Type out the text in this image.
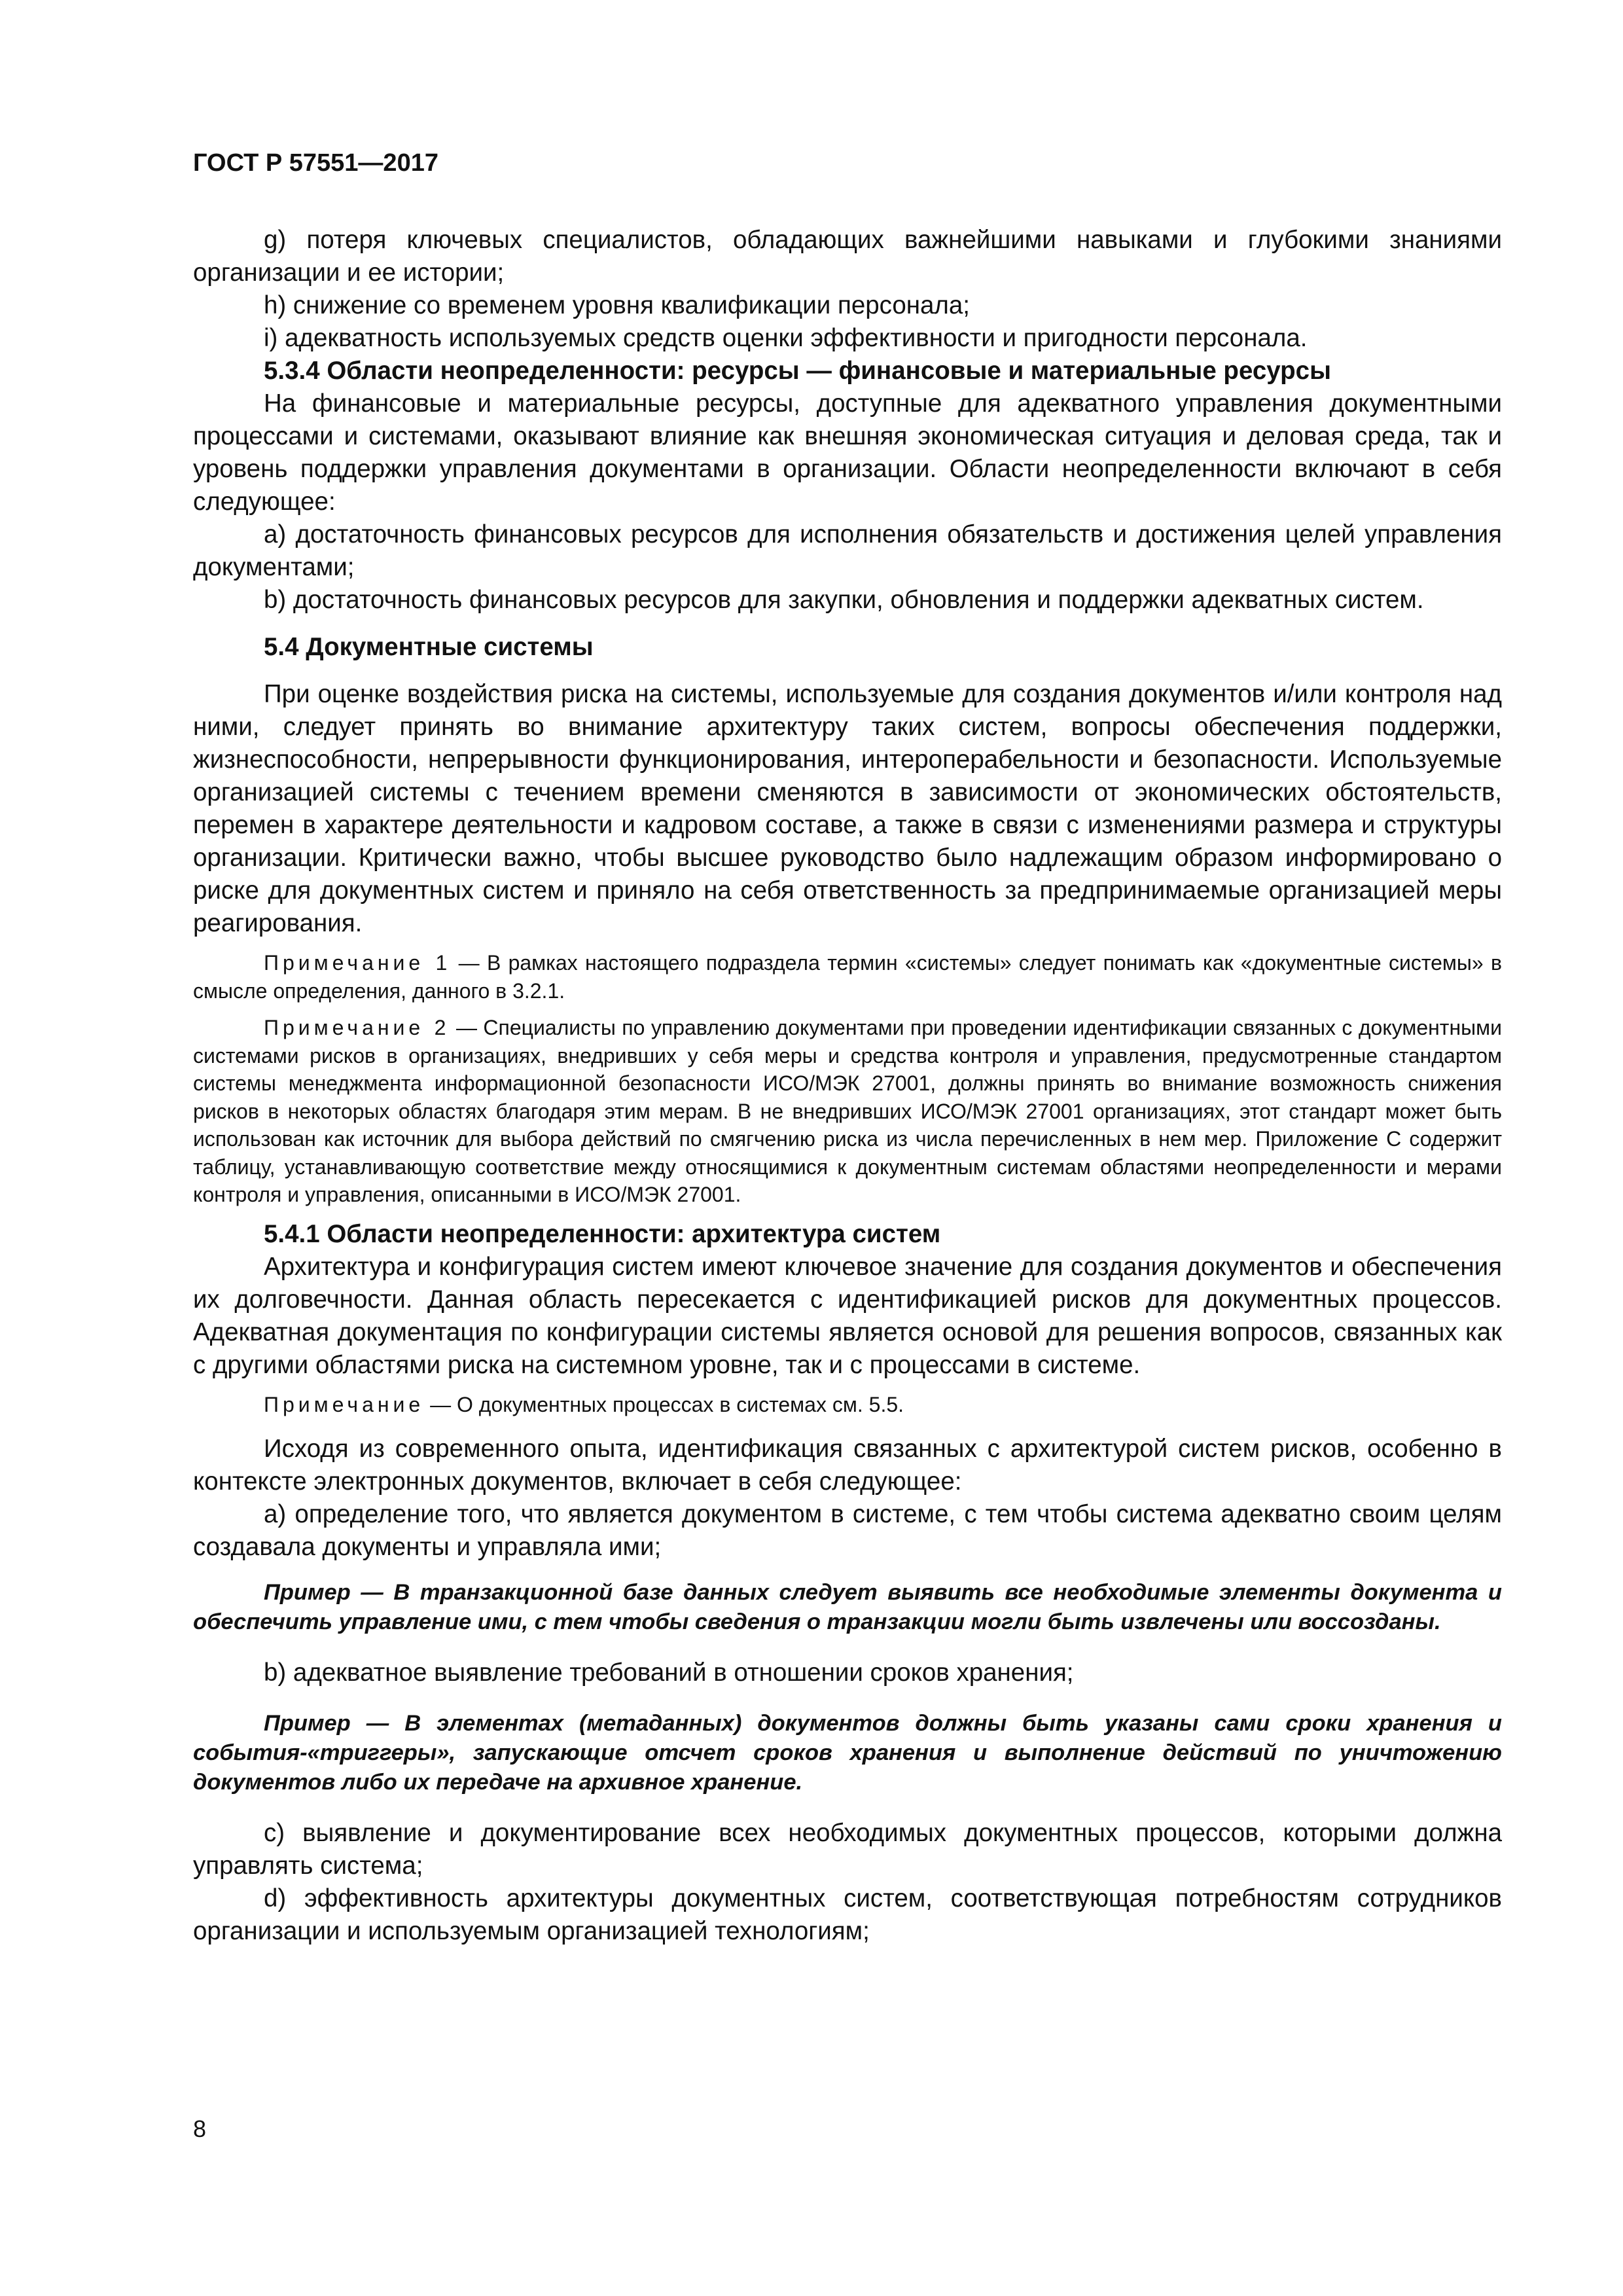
ГОСТ Р 57551—2017

g) потеря ключевых специалистов, обладающих важнейшими навыками и глубокими знаниями организации и ее истории;

h) снижение со временем уровня квалификации персонала;

i) адекватность используемых средств оценки эффективности и пригодности персонала.

5.3.4 Области неопределенности: ресурсы — финансовые и материальные ресурсы

На финансовые и материальные ресурсы, доступные для адекватного управления документными процессами и системами, оказывают влияние как внешняя экономическая ситуация и деловая среда, так и уровень поддержки управления документами в организации. Области неопределенности включают в себя следующее:

a) достаточность финансовых ресурсов для исполнения обязательств и достижения целей управления документами;

b) достаточность финансовых ресурсов для закупки, обновления и поддержки адекватных систем.

5.4 Документные системы

При оценке воздействия риска на системы, используемые для создания документов и/или контроля над ними, следует принять во внимание архитектуру таких систем, вопросы обеспечения поддержки, жизнеспособности, непрерывности функционирования, интероперабельности и безопасности. Используемые организацией системы с течением времени сменяются в зависимости от экономических обстоятельств, перемен в характере деятельности и кадровом составе, а также в связи с изменениями размера и структуры организации. Критически важно, чтобы высшее руководство было надлежащим образом информировано о риске для документных систем и приняло на себя ответственность за предпринимаемые организацией меры реагирования.

Примечание 1 — В рамках настоящего подраздела термин «системы» следует понимать как «документные системы» в смысле определения, данного в 3.2.1.

Примечание 2 — Специалисты по управлению документами при проведении идентификации связанных с документными системами рисков в организациях, внедривших у себя меры и средства контроля и управления, предусмотренные стандартом системы менеджмента информационной безопасности ИСО/МЭК 27001, должны принять во внимание возможность снижения рисков в некоторых областях благодаря этим мерам. В не внедривших ИСО/МЭК 27001 организациях, этот стандарт может быть использован как источник для выбора действий по смягчению риска из числа перечисленных в нем мер. Приложение С содержит таблицу, устанавливающую соответствие между относящимися к документным системам областями неопределенности и мерами контроля и управления, описанными в ИСО/МЭК 27001.

5.4.1 Области неопределенности: архитектура систем

Архитектура и конфигурация систем имеют ключевое значение для создания документов и обеспечения их долговечности. Данная область пересекается с идентификацией рисков для документных процессов. Адекватная документация по конфигурации системы является основой для решения вопросов, связанных как с другими областями риска на системном уровне, так и с процессами в системе.

Примечание — О документных процессах в системах см. 5.5.

Исходя из современного опыта, идентификация связанных с архитектурой систем рисков, особенно в контексте электронных документов, включает в себя следующее:

a) определение того, что является документом в системе, с тем чтобы система адекватно своим целям создавала документы и управляла ими;

Пример — В транзакционной базе данных следует выявить все необходимые элементы документа и обеспечить управление ими, с тем чтобы сведения о транзакции могли быть извлечены или воссозданы.

b) адекватное выявление требований в отношении сроков хранения;

Пример — В элементах (метаданных) документов должны быть указаны сами сроки хранения и события-«триггеры», запускающие отсчет сроков хранения и выполнение действий по уничтожению документов либо их передаче на архивное хранение.

c) выявление и документирование всех необходимых документных процессов, которыми должна управлять система;

d) эффективность архитектуры документных систем, соответствующая потребностям сотрудников организации и используемым организацией технологиям;

8
